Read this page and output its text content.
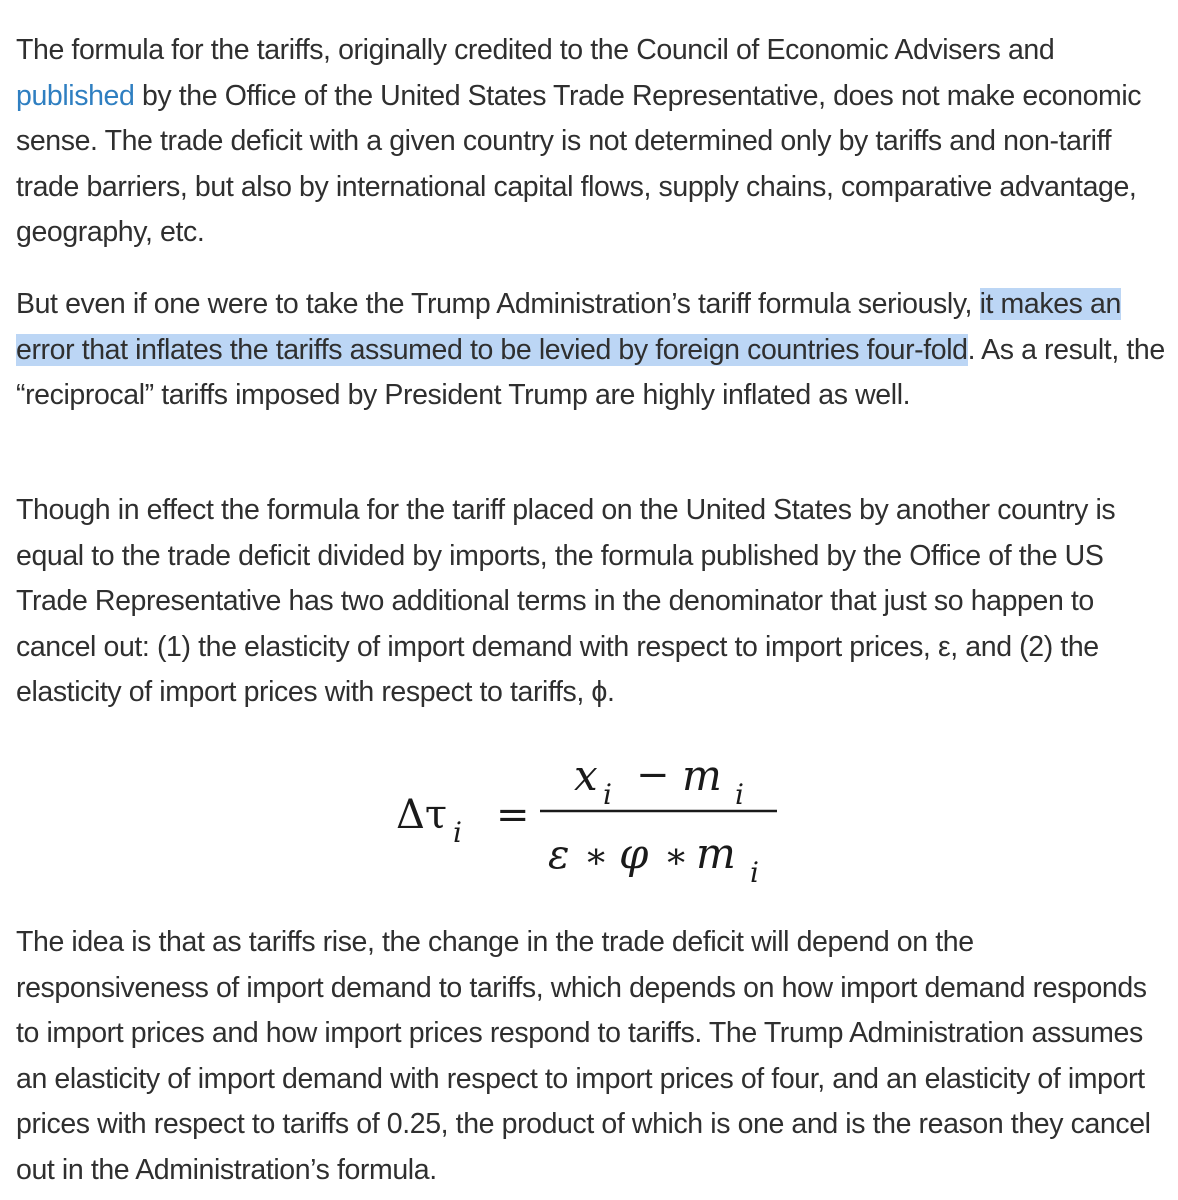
The formula for the tariffs, originally credited to the Council of Economic Advisers and published by the Office of the United States Trade Representative, does not make economic sense. The trade deficit with a given country is not determined only by tariffs and non-tariff trade barriers, but also by international capital flows, supply chains, comparative advantage, geography, etc.

But even if one were to take the Trump Administration’s tariff formula seriously, it makes an error that inflates the tariffs assumed to be levied by foreign countries four-fold. As a result, the “reciprocal” tariffs imposed by President Trump are highly inflated as well.

Though in effect the formula for the tariff placed on the United States by another country is equal to the trade deficit divided by imports, the formula published by the Office of the US Trade Representative has two additional terms in the denominator that just so happen to cancel out: (1) the elasticity of import demand with respect to import prices, ε, and (2) the elasticity of import prices with respect to tariffs, ϕ.

The idea is that as tariffs rise, the change in the trade deficit will depend on the responsiveness of import demand to tariffs, which depends on how import demand responds to import prices and how import prices respond to tariffs. The Trump Administration assumes an elasticity of import demand with respect to import prices of four, and an elasticity of import prices with respect to tariffs of 0.25, the product of which is one and is the reason they cancel out in the Administration’s formula.

Δτ i =
x i − m i
ε ∗ φ ∗ m i
